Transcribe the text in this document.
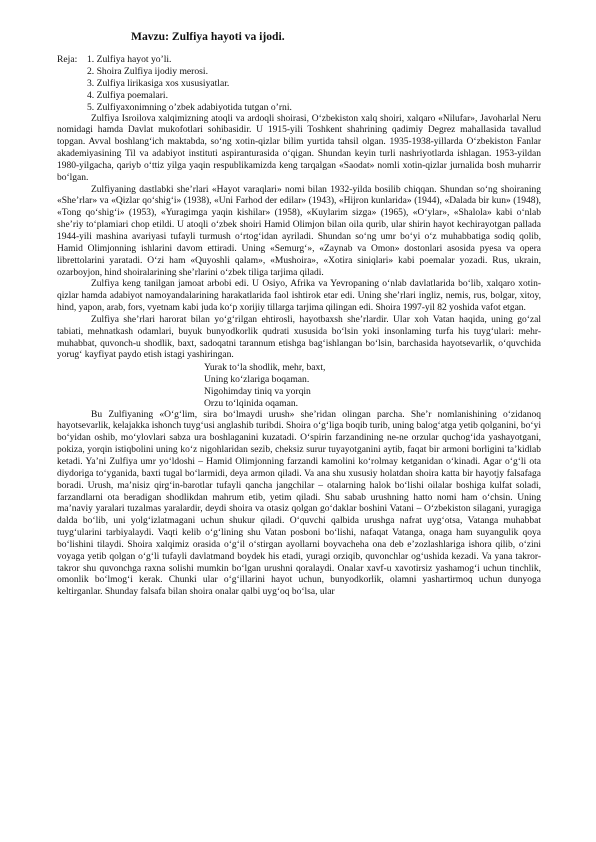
Mavzu: Zulfiya hayoti va ijodi.
Reja:	1. Zulfiya hayot yo’li.
2. Shoira Zulfiya ijodiy merosi.
3. Zulfiya lirikasiga xos xususiyatlar.
4. Zulfiya poemalari.
5. Zulfiyaxonimning o’zbek adabiyotida tutgan o’rni.

Zulfiya Isroilova xalqimizning atoqli va ardoqli shoirasi, O‘zbekiston xalq shoiri, xalqaro «Nilufar», Javoharlal Neru nomidagi hamda Davlat mukofotlari sohibasidir. U 1915-yili Toshkent shahrining qadimiy Degrez mahallasida tavallud topgan. Avval boshlang‘ich maktabda, so‘ng xotin-qizlar bilim yurtida tahsil olgan. 1935-1938-yillarda O‘zbekiston Fanlar akademiyasining Til va adabiyot instituti aspiranturasida o‘qigan. Shundan keyin turli nashriyotlarda ishlagan. 1953-yildan 1980-yilgacha, qariyb o‘ttiz yilga yaqin respublikamizda keng tarqalgan «Saodat» nomli xotin-qizlar jurnalida bosh muharrir bo‘lgan.

Zulfiyaning dastlabki she’rlari «Hayot varaqlari» nomi bilan 1932-yilda bosilib chiqqan. Shundan so‘ng shoiraning «She’rlar» va «Qizlar qo‘shig‘i» (1938), «Uni Farhod der edilar» (1943), «Hijron kunlarida» (1944), «Dalada bir kun» (1948), «Tong qo‘shig‘i» (1953), «Yuragimga yaqin kishilar» (1958), «Kuylarim sizga» (1965), «O‘ylar», «Shalola» kabi o‘nlab she’riy to‘plamiari chop etildi. U atoqli o‘zbek shoiri Hamid Olimjon bilan oila qurib, ular shirin hayot kechirayotgan pallada 1944-yili mashina avariyasi tufayli turmush o‘rtog‘idan ayriladi. Shundan so‘ng umr bo‘yi o‘z muhabbatiga sodiq qolib, Hamid Olimjonning ishlarini davom ettiradi. Uning «Semurg‘», «Zaynab va Omon» dostonlari asosida pyesa va opera librettolarini yaratadi. O‘zi ham «Quyoshli qalam», «Mushoira», «Xotira siniqlari» kabi poemalar yozadi. Rus, ukrain, ozarboyjon, hind shoiralarining she’rlarini o‘zbek tiliga tarjima qiladi.

Zulfiya keng tanilgan jamoat arbobi edi. U Osiyo, Afrika va Yevropaning o‘nlab davlatlarida bo‘lib, xalqaro xotin-qizlar hamda adabiyot namoyandalarining harakatlarida faol ishtirok etar edi. Uning she’rlari ingliz, nemis, rus, bolgar, xitoy, hind, yapon, arab, fors, vyetnam kabi juda ko‘p xorijiy tillarga tarjima qilingan edi. Shoira 1997-yil 82 yoshida vafot etgan.

Zulfiya she’rlari harorat bilan yo‘g‘rilgan ehtirosli, hayotbaxsh she’rlardir. Ular xoh Vatan haqida, uning go‘zal tabiati, mehnatkash odamlari, buyuk bunyodkorlik qudrati xususida bo‘lsin yoki insonlaming turfa his tuyg‘ulari: mehr-muhabbat, quvonch-u shodlik, baxt, sadoqatni tarannum etishga bag‘ishlangan bo‘lsin, barchasida hayotsevarlik, o‘quvchida yorug‘ kayfiyat paydo etish istagi yashiringan.

Yurak to‘la shodlik, mehr, baxt,
Uning ko‘zlariga boqaman.
Nigohimday tiniq va yorqin
Orzu to‘lqinida oqaman.

Bu Zulfiyaning «O‘g‘lim, sira bo‘lmaydi urush» she’ridan olingan parcha. She’r nomlanishining o‘zidanoq hayotsevarlik, kelajakka ishonch tuyg‘usi anglashib turibdi. Shoira o‘g‘liga boqib turib, uning balog‘atga yetib qolganini, bo‘yi bo‘yidan oshib, mo‘ylovlari sabza ura boshlaganini kuzatadi. O‘spirin farzandining ne-ne orzular quchog‘ida yashayotgani, pokiza, yorqin istiqbolini uning ko‘z nigohlaridan sezib, cheksiz surur tuyayotganini aytib, faqat bir armoni borligini ta’kidlab ketadi. Ya’ni Zulfiya umr yo‘ldoshi – Hamid Olimjonning farzandi kamolini ko‘rolmay ketganidan o‘kinadi. Agar o‘g‘li ota diydoriga to‘yganida, baxti tugal bo‘larmidi, deya armon qiladi. Va ana shu xususiy holatdan shoira katta bir hayotjy falsafaga boradi. Urush, ma’nisiz qirg‘in-barotlar tufayli qancha jangchilar – otalarning halok bo‘lishi oilalar boshiga kulfat soladi, farzandlarni ota beradigan shodlikdan mahrum etib, yetim qiladi. Shu sabab urushning hatto nomi ham o‘chsin. Uning ma’naviy yaralari tuzalmas yaralardir, deydi shoira va otasiz qolgan go‘daklar boshini Vatani – O‘zbekiston silagani, yuragiga dalda bo‘lib, uni yolg‘izlatmagani uchun shukur qiladi. O‘quvchi qalbida urushga nafrat uyg‘otsa, Vatanga muhabbat tuyg‘ularini tarbiyalaydi. Vaqti kelib o‘g‘lining shu Vatan posboni bo‘lishi, nafaqat Vatanga, onaga ham suyangulik qoya bo‘lishini tilaydi. Shoira xalqimiz orasida o‘g‘il o‘stirgan ayollarni boyvacheha ona deb e’zozlashlariga ishora qilib, o‘zini voyaga yetib qolgan o‘g‘li tufayli davlatmand boydek his etadi, yuragi orziqib, quvonchlar og‘ushida kezadi. Va yana takror-takror shu quvonchga raxna solishi mumkin bo‘lgan urushni qoralaydi. Onalar xavf-u xavotirsiz yashamog‘i uchun tinchlik, omonlik bo‘lmog‘i kerak. Chunki ular o‘g‘illarini hayot uchun, bunyodkorlik, olamni yashartirmoq uchun dunyoga keltirganlar. Shunday falsafa bilan shoira onalar qalbi uyg‘oq bo‘lsa, ular
